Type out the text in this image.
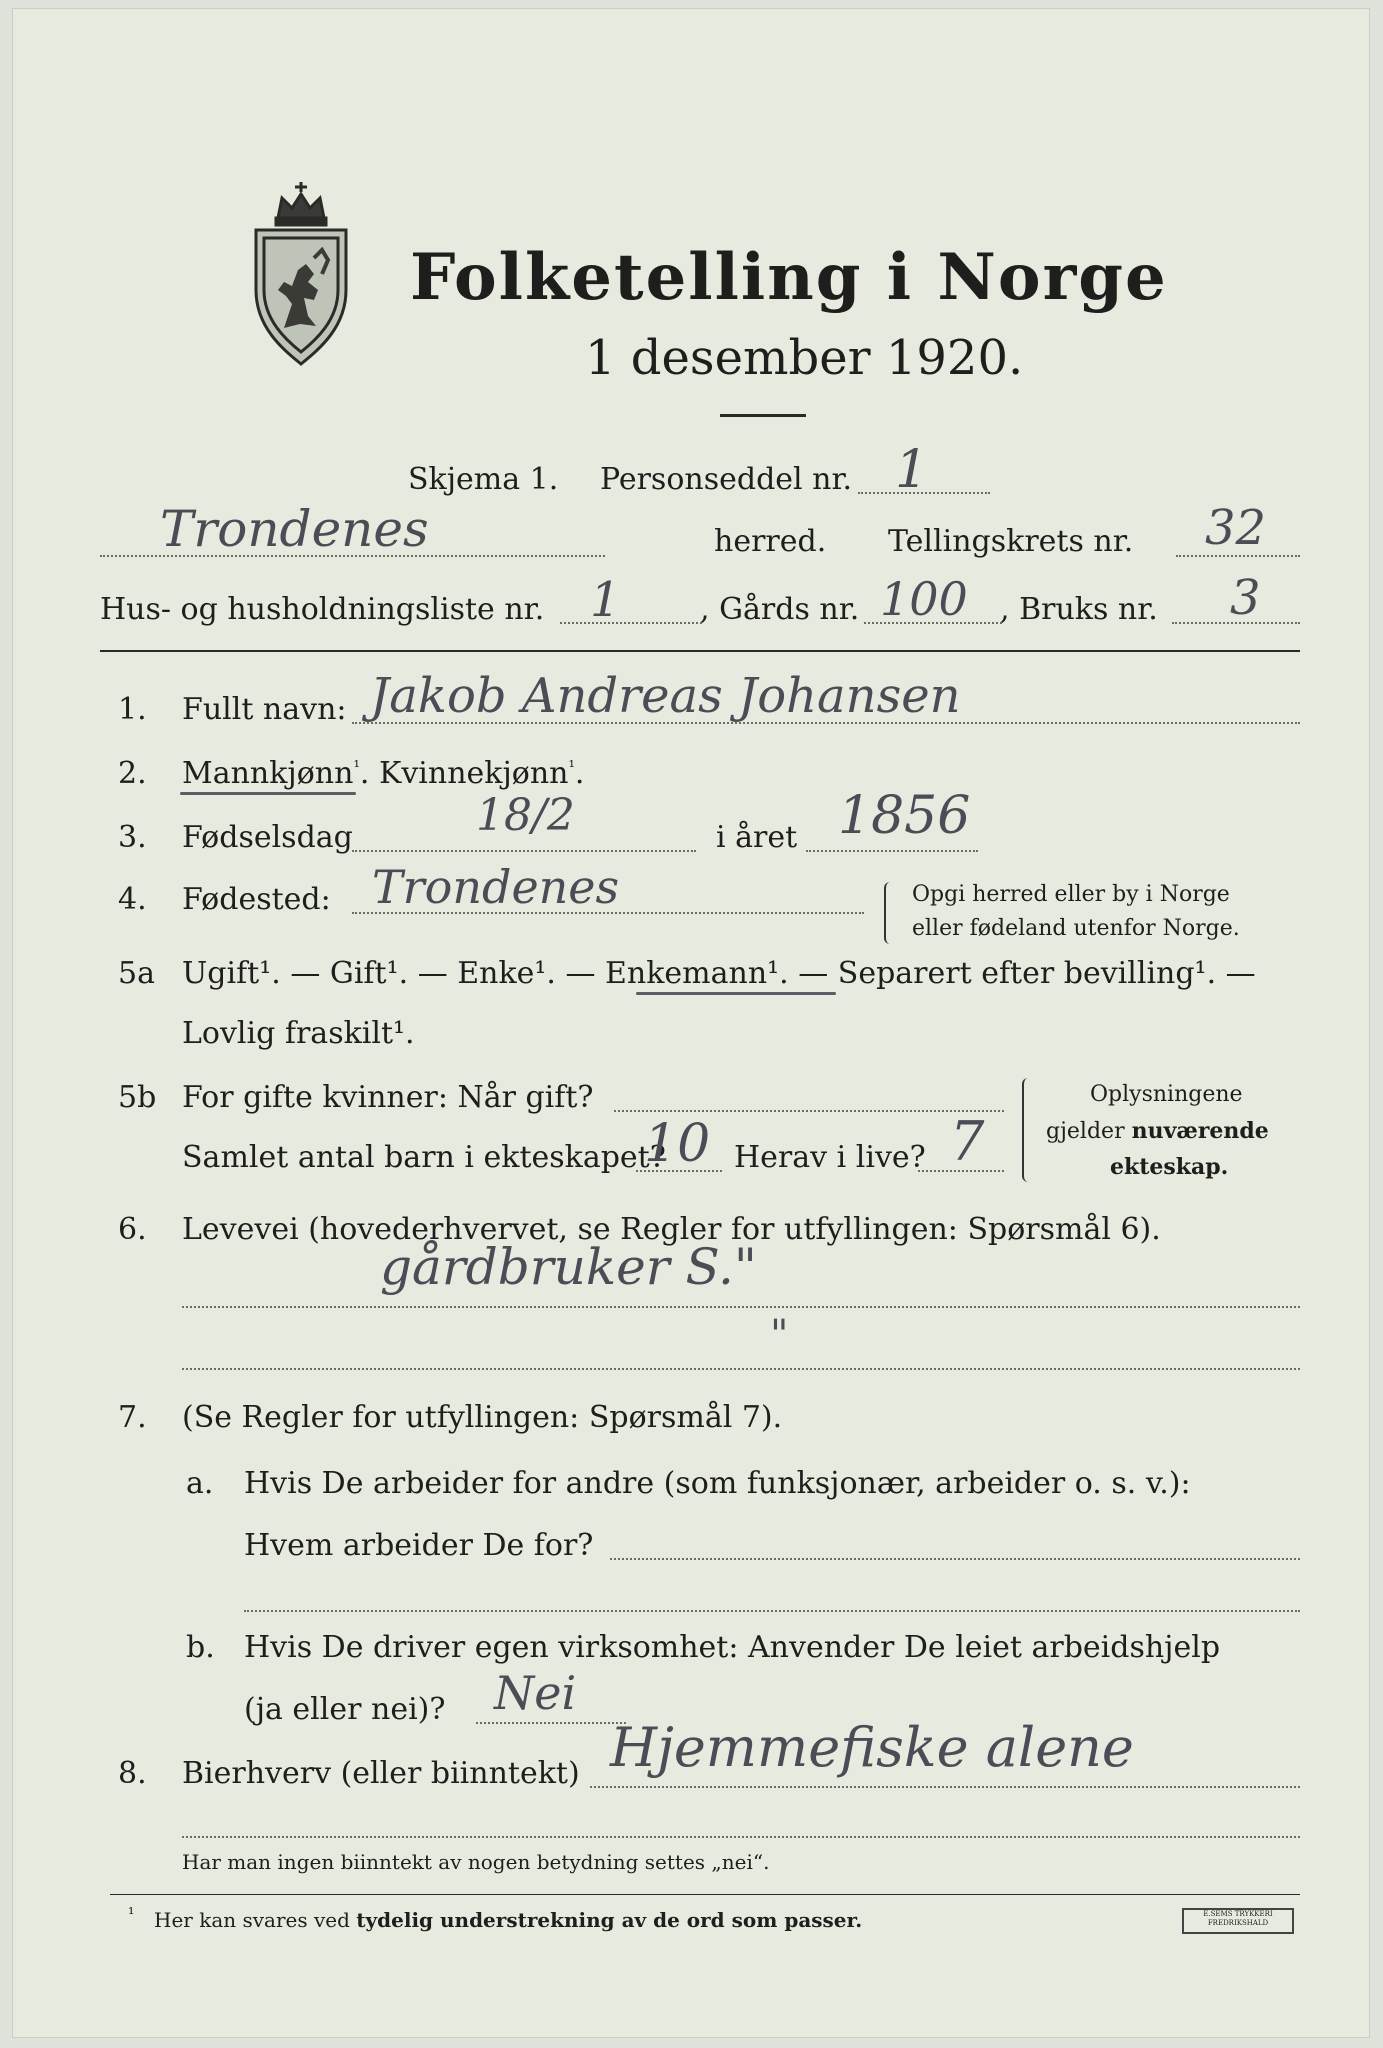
Folketelling i Norge
1 desember 1920.
Skjema 1. Personseddel nr. 1
Trondenes	herred. Tellingskrets nr. 32
Hus- og husholdningsliste nr. 1	, Gårds nr. 100 , Bruks nr. 3
1. Fullt navn: Jakob Andreas Johansen
2. Mannkjønn$^{^1}$. Kvinnekjønn$^{^1}$.
3. Fødselsdag	18/2	i året 1856
4. Fødested: Trondenes	Opgi herred eller by i Norge
eller fødeland utenfor Norge.
5a Ugift¹. — Gift¹. — Enke¹. — Enkemann¹. — Separert efter bevilling¹. —
Lovlig fraskilt¹.
5b For gifte kvinner: Når gift?
Samlet antal barn i ekteskapet?
10 Herav i live? 7
Oplysningene
gjelder nuværende
ekteskap.
6. Levevei (hovederhvervet, se Regler for utfyllingen: Spørsmål 6).
gårdbruker S."
"
7. (Se Regler for utfyllingen: Spørsmål 7).
a. Hvis De arbeider for andre (som funksjonær, arbeider o. s. v.):
Hvem arbeider De for?
b. Hvis De driver egen virksomhet: Anvender De leiet arbeidshjelp
(ja eller nei)? Nei
8. Bierhverv (eller biinntekt) Hjemmefiske alene
Har man ingen biinntekt av nogen betydning settes „nei“.
¹ Her kan svares ved tydelig understrekning av de ord som passer.	E.SEMS TRYKKERI FREDRIKSHALD
